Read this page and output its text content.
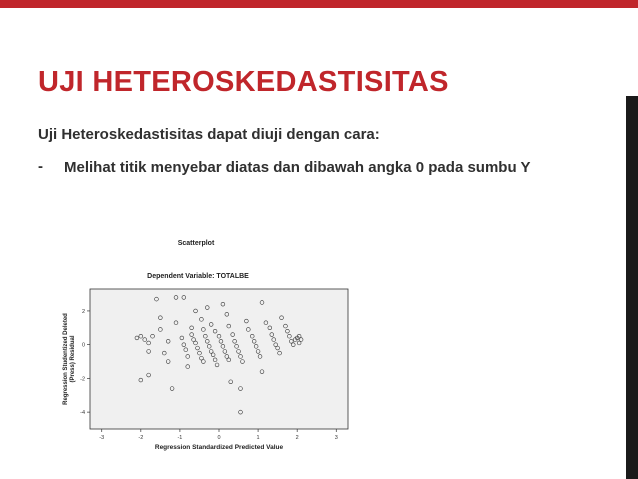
UJI HETEROSKEDASTISITAS
Uji Heteroskedastisitas dapat diuji dengan cara:
- Melihat titik menyebar diatas dan dibawah angka 0 pada sumbu Y
Scatterplot
Dependent Variable: TOTALBE
2
0
-2
-4
-3	-2	-1	0	1	2	3
Regression Standardized Predicted Value
Regression Studentized Deleted(Press) Residual
